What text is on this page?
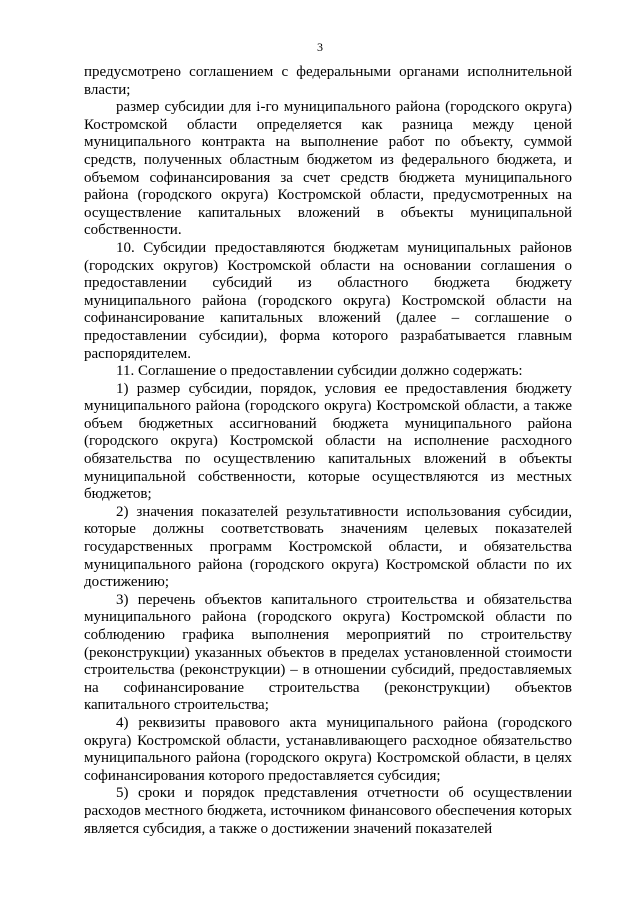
3

предусмотрено соглашением с федеральными органами исполнительной власти;

размер субсидии для i-го муниципального района (городского округа) Костромской области определяется как разница между ценой муниципального контракта на выполнение работ по объекту, суммой средств, полученных областным бюджетом из федерального бюджета, и объемом софинансирования за счет средств бюджета муниципального района (городского округа) Костромской области, предусмотренных на осуществление капитальных вложений в объекты муниципальной собственности.

10. Субсидии предоставляются бюджетам муниципальных районов (городских округов) Костромской области на основании соглашения о предоставлении субсидий из областного бюджета бюджету муниципального района (городского округа) Костромской области на софинансирование капитальных вложений (далее – соглашение о предоставлении субсидии), форма которого разрабатывается главным распорядителем.

11. Соглашение о предоставлении субсидии должно содержать:

1) размер субсидии, порядок, условия ее предоставления бюджету муниципального района (городского округа) Костромской области, а также объем бюджетных ассигнований бюджета муниципального района (городского округа) Костромской области на исполнение расходного обязательства по осуществлению капитальных вложений в объекты муниципальной собственности, которые осуществляются из местных бюджетов;

2) значения показателей результативности использования субсидии, которые должны соответствовать значениям целевых показателей государственных программ Костромской области, и обязательства муниципального района (городского округа) Костромской области по их достижению;

3) перечень объектов капитального строительства и обязательства муниципального района (городского округа) Костромской области по соблюдению графика выполнения мероприятий по строительству (реконструкции) указанных объектов в пределах установленной стоимости строительства (реконструкции) – в отношении субсидий, предоставляемых на софинансирование строительства (реконструкции) объектов капитального строительства;

4) реквизиты правового акта муниципального района (городского округа) Костромской области, устанавливающего расходное обязательство муниципального района (городского округа) Костромской области, в целях софинансирования которого предоставляется субсидия;

5) сроки и порядок представления отчетности об осуществлении расходов местного бюджета, источником финансового обеспечения которых является субсидия, а также о достижении значений показателей
